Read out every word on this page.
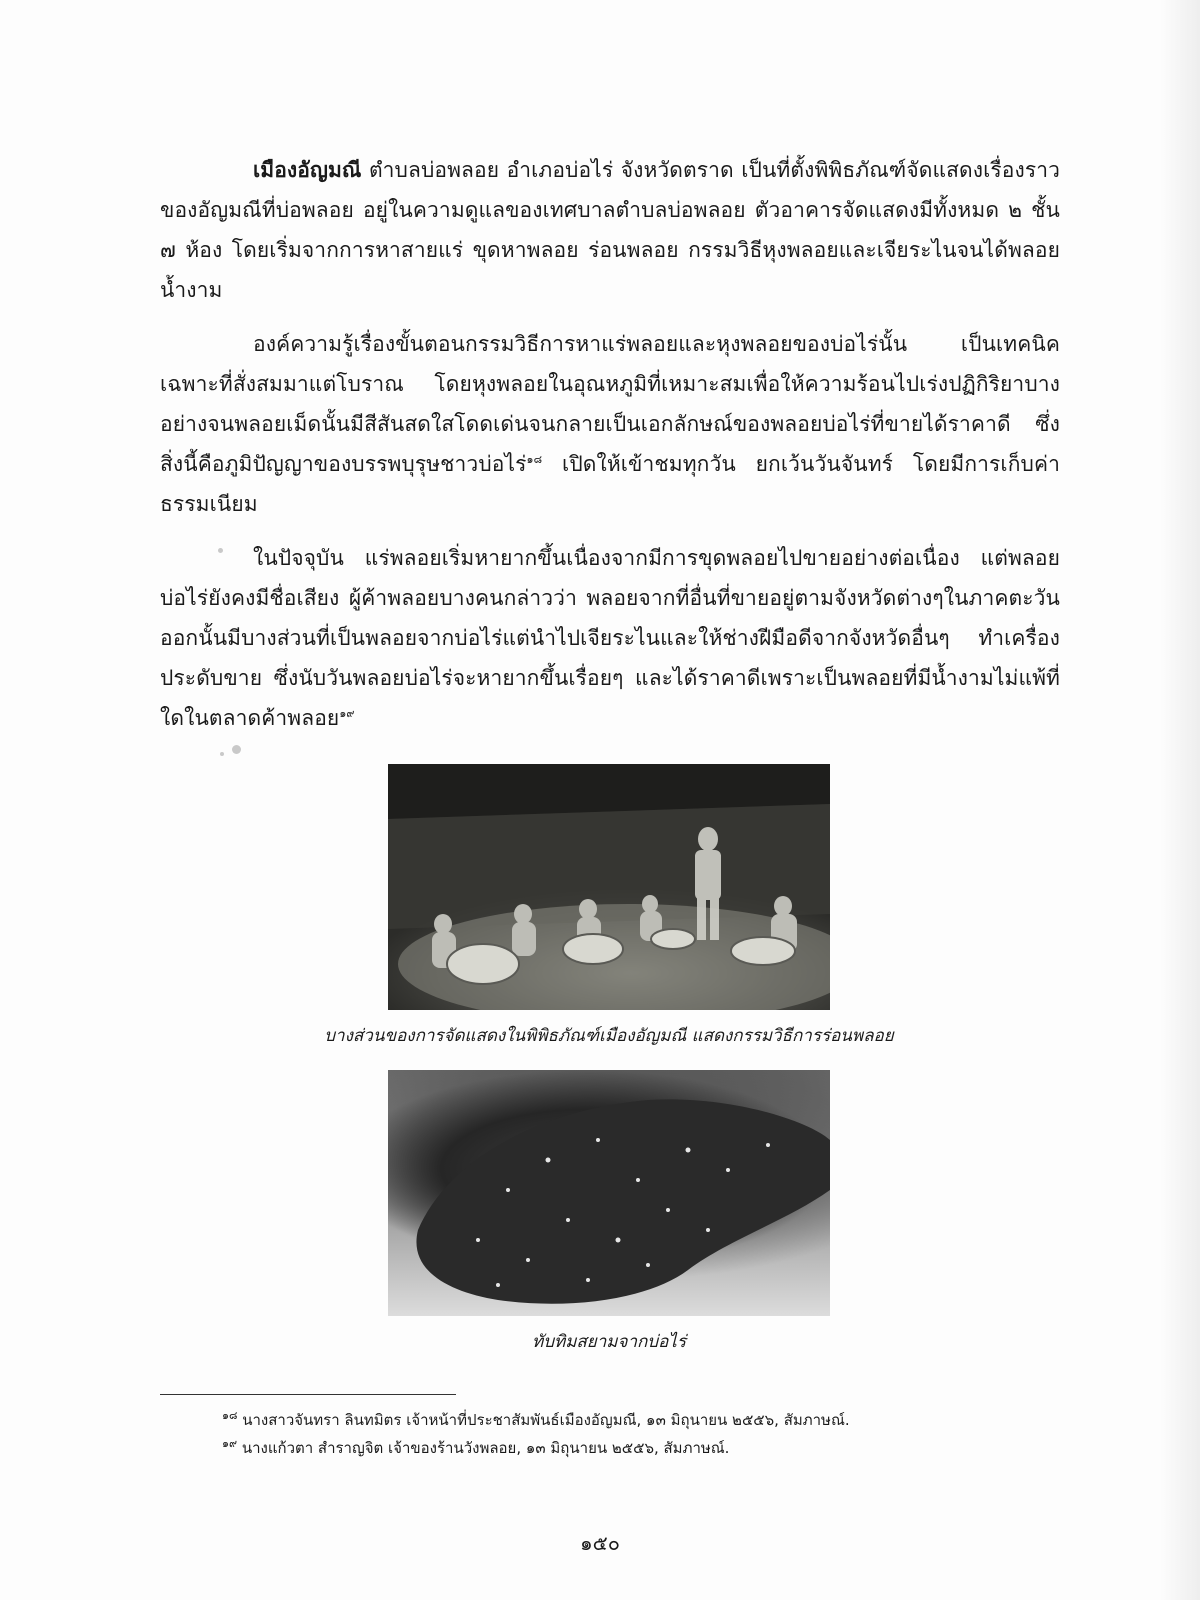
เมืองอัญมณี ตำบลบ่อพลอย อำเภอบ่อไร่ จังหวัดตราด เป็นที่ตั้งพิพิธภัณฑ์จัดแสดงเรื่องราวของอัญมณีที่บ่อพลอย อยู่ในความดูแลของเทศบาลตำบลบ่อพลอย ตัวอาคารจัดแสดงมีทั้งหมด ๒ ชั้น ๗ ห้อง โดยเริ่มจากการหาสายแร่ ขุดหาพลอย ร่อนพลอย กรรมวิธีหุงพลอยและเจียระไนจนได้พลอยน้ำงาม

องค์ความรู้เรื่องขั้นตอนกรรมวิธีการหาแร่พลอยและหุงพลอยของบ่อไร่นั้น เป็นเทคนิคเฉพาะที่สั่งสมมาแต่โบราณ โดยหุงพลอยในอุณหภูมิที่เหมาะสมเพื่อให้ความร้อนไปเร่งปฏิกิริยาบางอย่างจนพลอยเม็ดนั้นมีสีสันสดใสโดดเด่นจนกลายเป็นเอกลักษณ์ของพลอยบ่อไร่ที่ขายได้ราคาดี ซึ่งสิ่งนี้คือภูมิปัญญาของบรรพบุรุษชาวบ่อไร่$^{๑๘}$ เปิดให้เข้าชมทุกวัน ยกเว้นวันจันทร์ โดยมีการเก็บค่าธรรมเนียม

ในปัจจุบัน แร่พลอยเริ่มหายากขึ้นเนื่องจากมีการขุดพลอยไปขายอย่างต่อเนื่อง แต่พลอยบ่อไร่ยังคงมีชื่อเสียง ผู้ค้าพลอยบางคนกล่าวว่า พลอยจากที่อื่นที่ขายอยู่ตามจังหวัดต่างๆในภาคตะวันออกนั้นมีบางส่วนที่เป็นพลอยจากบ่อไร่แต่นำไปเจียระไนและให้ช่างฝีมือดีจากจังหวัดอื่นๆ ทำเครื่องประดับขาย ซึ่งนับวันพลอยบ่อไร่จะหายากขึ้นเรื่อยๆ และได้ราคาดีเพราะเป็นพลอยที่มีน้ำงามไม่แพ้ที่ใดในตลาดค้าพลอย$^{๑๙}$

บางส่วนของการจัดแสดงในพิพิธภัณฑ์เมืองอัญมณี แสดงกรรมวิธีการร่อนพลอย

ทับทิมสยามจากบ่อไร่

$^{๑๘}$ นางสาวจันทรา ลินทมิตร เจ้าหน้าที่ประชาสัมพันธ์เมืองอัญมณี, ๑๓ มิถุนายน ๒๕๕๖, สัมภาษณ์.

$^{๑๙}$ นางแก้วตา สำราญจิต เจ้าของร้านวังพลอย, ๑๓ มิถุนายน ๒๕๕๖, สัมภาษณ์.

๑๕๐
